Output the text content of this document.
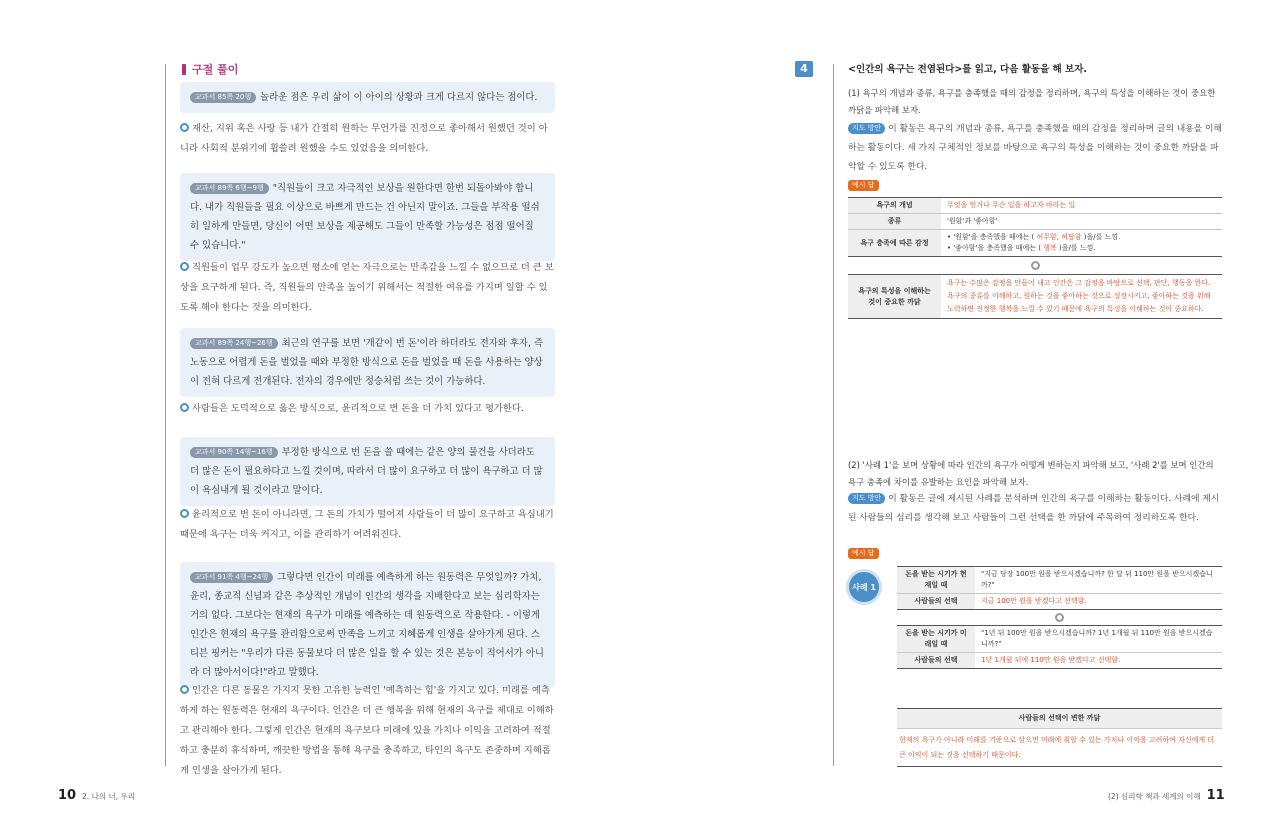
구절 풀이
교과서 85쪽 20행 놀라운 점은 우리 삶이 이 아이의 상황과 크게 다르지 않다는 점이다.
재산, 지위 혹은 사랑 등 내가 간절히 원하는 무언가를 진정으로 좋아해서 원했던 것이 아니라 사회적 분위기에 휩쓸려 원했을 수도 있었음을 의미한다.
교과서 89쪽 6행~9행 "직원들이 크고 자극적인 보상을 원한다면 한번 되돌아봐야 합니다. 내가 직원들을 필요 이상으로 바쁘게 만드는 건 아닌지 말이죠. 그들을 부작용 떨쉬히 일하게 만들면, 당신이 어떤 보상을 제공해도 그들이 만족할 가능성은 점점 떨어질 수 있습니다."
직원들이 업무 강도가 높으면 평소에 얻는 자극으로는 만족감을 느낄 수 없으므로 더 큰 보상을 요구하게 된다. 즉, 직원들의 만족을 높이기 위해서는 적절한 여유를 가지며 일할 수 있도록 해야 한다는 것을 의미한다.
교과서 89쪽 24행~26행 최근의 연구를 보면 '개같이 번 돈'이라 하더라도 전자와 후자, 즉 노동으로 어렵게 돈을 벌었을 때와 부정한 방식으로 돈을 벌었을 때 돈을 사용하는 양상이 전혀 다르게 전개된다. 전자의 경우에만 정승처럼 쓰는 것이 가능하다.
사람들은 도덕적으로 옳은 방식으로, 윤리적으로 번 돈을 더 가치 있다고 평가한다.
교과서 90쪽 14행~16행 부정한 방식으로 번 돈을 쓸 때에는 같은 양의 물건을 사더라도 더 많은 돈이 필요하다고 느낄 것이며, 따라서 더 많이 요구하고 더 많이 욕구하고 더 많이 욕심내게 될 것이라고 말이다.
윤리적으로 번 돈이 아니라면, 그 돈의 가치가 떨어져 사람들이 더 많이 요구하고 욕심내기 때문에 욕구는 더욱 커지고, 이를 관리하기 어려워진다.
교과서 91쪽 4행~24행 그렇다면 인간이 미래를 예측하게 하는 원동력은 무엇일까? 가치, 윤리, 종교적 신념과 같은 추상적인 개념이 인간의 생각을 지배한다고 보는 심리학자는 거의 없다. 그보다는 현재의 욕구가 미래를 예측하는 데 원동력으로 작용한다. - 이렇게 인간은 현재의 욕구를 관리함으로써 만족을 느끼고 지혜롭게 인생을 살아가게 된다. 스티븐 핑커는 "우리가 다른 동물보다 더 많은 일을 할 수 있는 것은 본능이 적어서가 아니라 더 많아서이다!"라고 말했다.
인간은 다른 동물은 가지지 못한 고유한 능력인 '예측하는 힘'을 가지고 있다. 미래를 예측하게 하는 원동력은 현재의 욕구이다. 인간은 더 큰 행복을 위해 현재의 욕구를 제대로 이해하고 관리해야 한다. 그렇게 인간은 현재의 욕구보다 미래에 있을 가치나 이익을 고려하여 적절하고 충분히 휴식하며, 깨끗한 방법을 통해 욕구를 충족하고, 타인의 욕구도 존중하며 지혜롭게 인생을 살아가게 된다.
10 2. 나의 너, 우리
4	<인간의 욕구는 전염된다>를 읽고, 다음 활동을 해 보자.
(1) 욕구의 개념과 종류, 욕구를 충족했을 때의 감정을 정리하며, 욕구의 특성을 이해하는 것이 중요한 까닭을 파악해 보자.
지도 방안 이 활동은 욕구의 개념과 종류, 욕구를 충족했을 때의 감정을 정리하며 글의 내용을 이해하는 활동이다. 세 가지 구체적인 정보를 바탕으로 욕구의 특성을 이해하는 것이 중요한 까닭을 파악할 수 있도록 한다.
예시 답
욕구의 개념	무엇을 얻거나 무슨 일을 하고자 바라는 일
종류	'원함'과 '좋아함'
욕구 충족에 따른 감정	• '원함'을 충족했을 때에는 ( 허무함, 허탈함 )을/를 느낌.
• '좋아함'을 충족했을 때에는 ( 행복 )을/를 느낌.

욕구의 특성을 이해하는 것이 중요한 까닭	욕구는 수많은 감정을 만들어 내고 인간은 그 감정을 바탕으로 선택, 판단, 행동을 한다. 욕구의 종류를 이해하고, 원하는 것을 좋아하는 것으로 성장시키고, 좋아하는 것을 위해 노력하면 진정한 행복을 느낄 수 있기 때문에 욕구의 특성을 이해하는 것이 중요하다.
(2) '사례 1'을 보며 상황에 따라 인간의 욕구가 어떻게 변하는지 파악해 보고, '사례 2'를 보며 인간의 욕구 충족에 차이를 유발하는 요인을 파악해 보자.
지도 방안 이 활동은 글에 제시된 사례를 분석하며 인간의 욕구를 이해하는 활동이다. 사례에 제시된 사람들의 심리를 생각해 보고 사람들이 그런 선택을 한 까닭에 주목하여 정리하도록 한다.
예시 답
사례 1
돈을 받는 시기가 현재일 때	"지금 당장 100만 원을 받으시겠습니까? 한 달 뒤 110만 원을 받으시겠습니까?"
사람들의 선택	지금 100만 원을 받겠다고 선택함.

돈을 받는 시기가 미래일 때	"1년 뒤 100만 원을 받으시겠습니까? 1년 1개월 뒤 110만 원을 받으시겠습니까?"
사람들의 선택	1년 1개월 뒤에 110만 원을 받겠다고 선택함.
사람들의 선택이 변한 까닭
현재의 욕구가 아니라 미래를 기준으로 삼으면 미래에 취할 수 있는 가치나 이익을 고려하여 자신에게 더 큰 이익이 되는 것을 선택하기 때문이다.
(2) 심리학 책과 세계의 이해 11
